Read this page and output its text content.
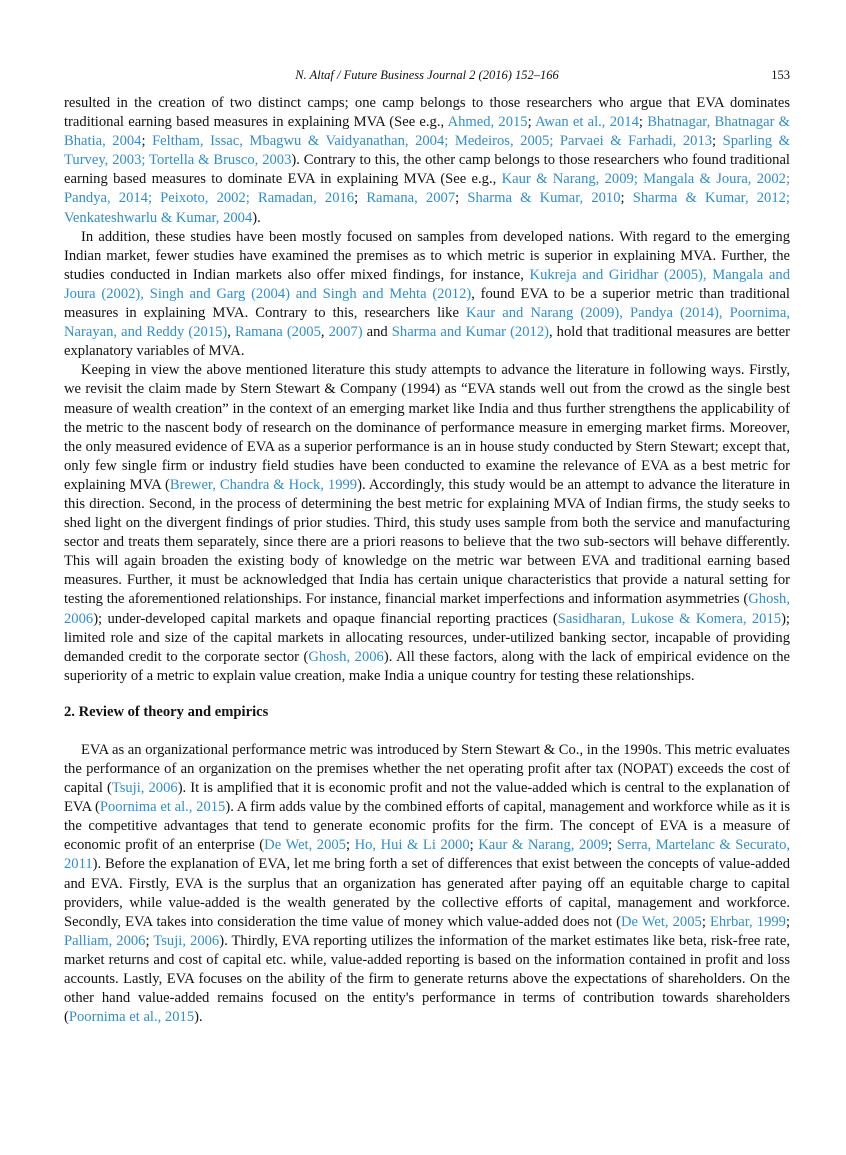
N. Altaf / Future Business Journal 2 (2016) 152–166	153

resulted in the creation of two distinct camps; one camp belongs to those researchers who argue that EVA dominates traditional earning based measures in explaining MVA (See e.g., Ahmed, 2015; Awan et al., 2014; Bhatnagar, Bhatnagar & Bhatia, 2004; Feltham, Issac, Mbagwu & Vaidyanathan, 2004; Medeiros, 2005; Parvaei & Farhadi, 2013; Sparling & Turvey, 2003; Tortella & Brusco, 2003). Contrary to this, the other camp belongs to those researchers who found traditional earning based measures to dominate EVA in explaining MVA (See e.g., Kaur & Narang, 2009; Mangala & Joura, 2002; Pandya, 2014; Peixoto, 2002; Ramadan, 2016; Ramana, 2007; Sharma & Kumar, 2010; Sharma & Kumar, 2012; Venkateshwarlu & Kumar, 2004).

In addition, these studies have been mostly focused on samples from developed nations. With regard to the emerging Indian market, fewer studies have examined the premises as to which metric is superior in explaining MVA. Further, the studies conducted in Indian markets also offer mixed findings, for instance, Kukreja and Giridhar (2005), Mangala and Joura (2002), Singh and Garg (2004) and Singh and Mehta (2012), found EVA to be a superior metric than traditional measures in explaining MVA. Contrary to this, researchers like Kaur and Narang (2009), Pandya (2014), Poornima, Narayan, and Reddy (2015), Ramana (2005, 2007) and Sharma and Kumar (2012), hold that traditional measures are better explanatory variables of MVA.

Keeping in view the above mentioned literature this study attempts to advance the literature in following ways. Firstly, we revisit the claim made by Stern Stewart & Company (1994) as “EVA stands well out from the crowd as the single best measure of wealth creation” in the context of an emerging market like India and thus further strengthens the applicability of the metric to the nascent body of research on the dominance of performance measure in emerging market firms. Moreover, the only measured evidence of EVA as a superior performance is an in house study conducted by Stern Stewart; except that, only few single firm or industry field studies have been conducted to examine the relevance of EVA as a best metric for explaining MVA (Brewer, Chandra & Hock, 1999). Accordingly, this study would be an attempt to advance the literature in this direction. Second, in the process of determining the best metric for explaining MVA of Indian firms, the study seeks to shed light on the divergent findings of prior studies. Third, this study uses sample from both the service and manufacturing sector and treats them separately, since there are a priori reasons to believe that the two sub-sectors will behave differently. This will again broaden the existing body of knowledge on the metric war between EVA and traditional earning based measures. Further, it must be acknowledged that India has certain unique characteristics that provide a natural setting for testing the aforementioned relationships. For instance, financial market imperfections and information asymmetries (Ghosh, 2006); under-developed capital markets and opaque financial reporting practices (Sasidharan, Lukose & Komera, 2015); limited role and size of the capital markets in allocating resources, under-utilized banking sector, incapable of providing demanded credit to the corporate sector (Ghosh, 2006). All these factors, along with the lack of empirical evidence on the superiority of a metric to explain value creation, make India a unique country for testing these relationships.

2. Review of theory and empirics

EVA as an organizational performance metric was introduced by Stern Stewart & Co., in the 1990s. This metric evaluates the performance of an organization on the premises whether the net operating profit after tax (NOPAT) exceeds the cost of capital (Tsuji, 2006). It is amplified that it is economic profit and not the value-added which is central to the explanation of EVA (Poornima et al., 2015). A firm adds value by the combined efforts of capital, management and workforce while as it is the competitive advantages that tend to generate economic profits for the firm. The concept of EVA is a measure of economic profit of an enterprise (De Wet, 2005; Ho, Hui & Li 2000; Kaur & Narang, 2009; Serra, Martelanc & Securato, 2011). Before the explanation of EVA, let me bring forth a set of differences that exist between the concepts of value-added and EVA. Firstly, EVA is the surplus that an organization has generated after paying off an equitable charge to capital providers, while value-added is the wealth generated by the collective efforts of capital, management and workforce. Secondly, EVA takes into consideration the time value of money which value-added does not (De Wet, 2005; Ehrbar, 1999; Palliam, 2006; Tsuji, 2006). Thirdly, EVA reporting utilizes the information of the market estimates like beta, risk-free rate, market returns and cost of capital etc. while, value-added reporting is based on the information contained in profit and loss accounts. Lastly, EVA focuses on the ability of the firm to generate returns above the expectations of shareholders. On the other hand value-added remains focused on the entity's performance in terms of contribution towards shareholders (Poornima et al., 2015).
